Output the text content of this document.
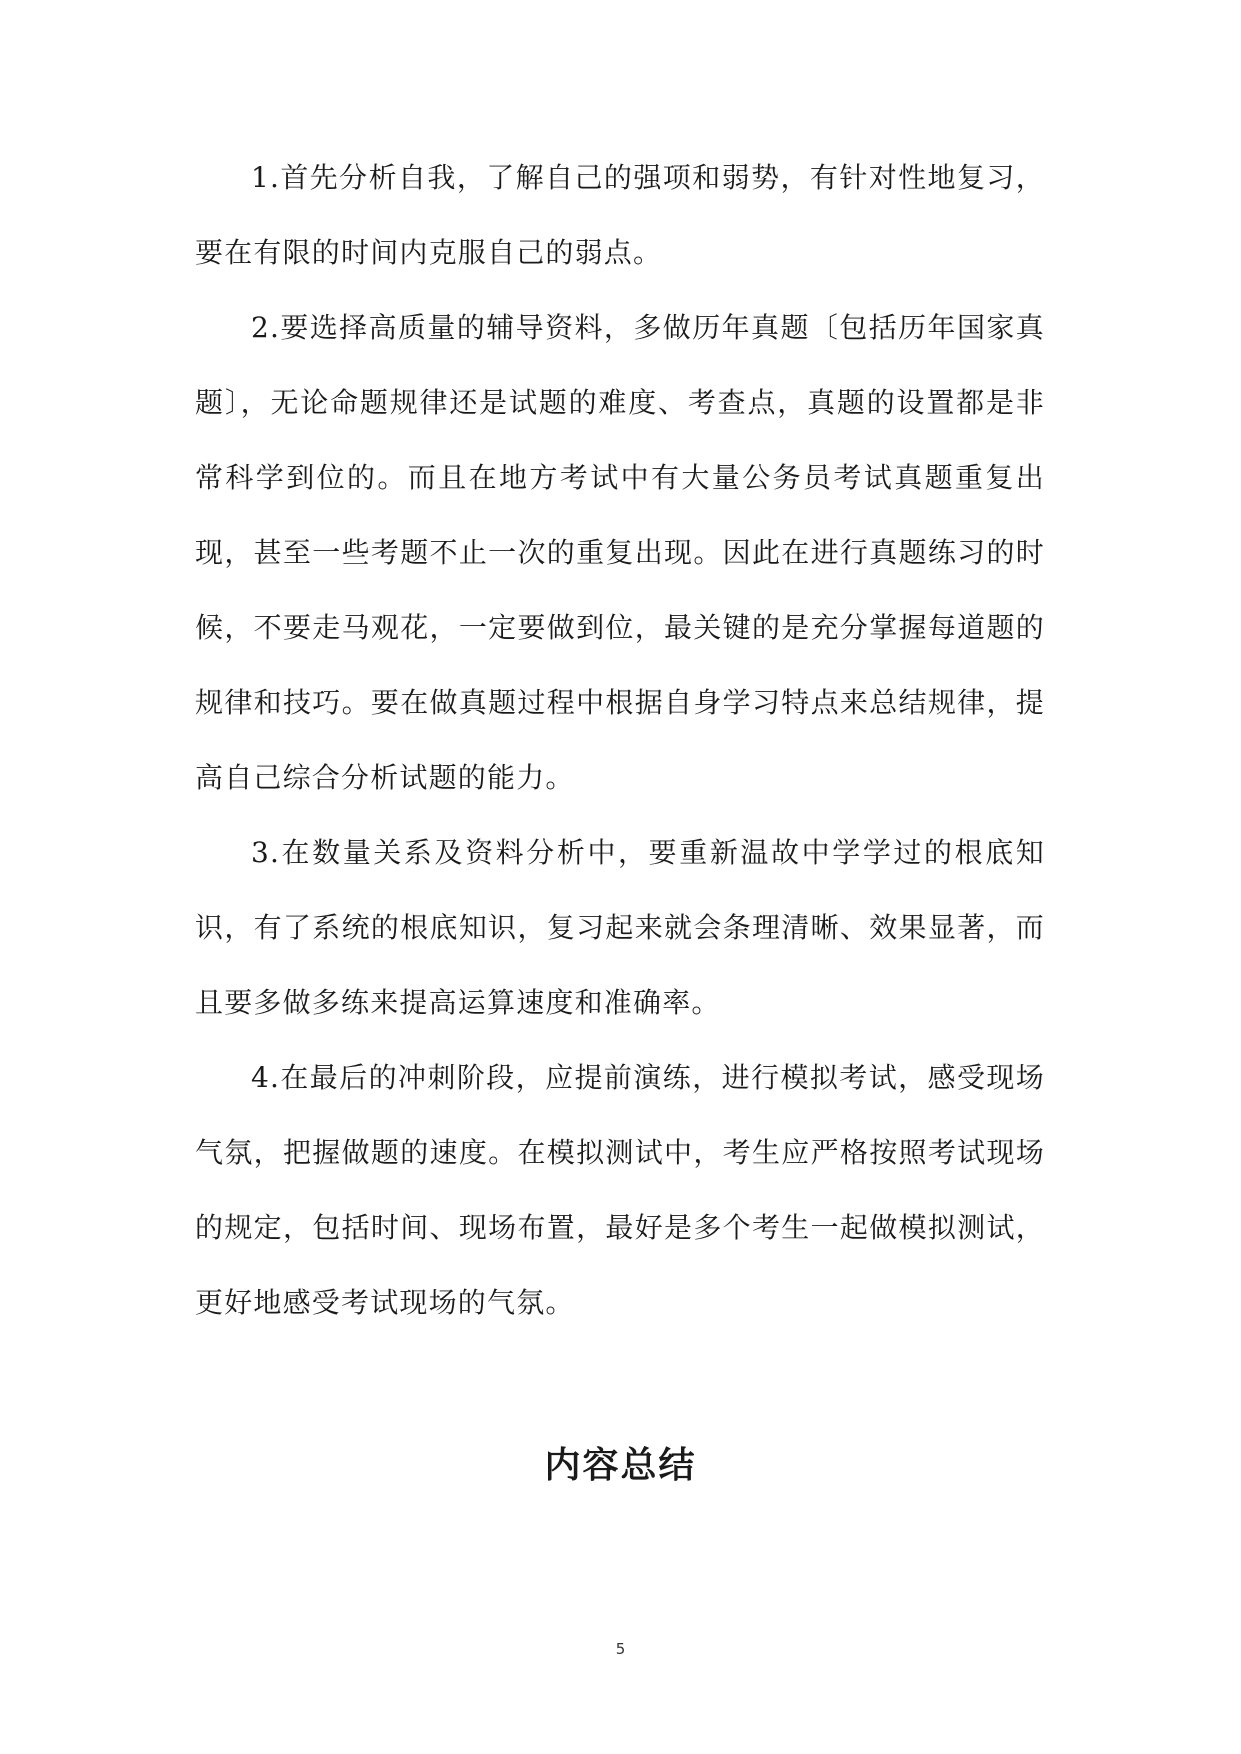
1.首先分析自我，了解自己的强项和弱势，有针对性地复习，要在有限的时间内克服自己的弱点。

2.要选择高质量的辅导资料，多做历年真题〔包括历年国家真题〕，无论命题规律还是试题的难度、考查点，真题的设置都是非常科学到位的。而且在地方考试中有大量公务员考试真题重复出现，甚至一些考题不止一次的重复出现。因此在进行真题练习的时候，不要走马观花，一定要做到位，最关键的是充分掌握每道题的规律和技巧。要在做真题过程中根据自身学习特点来总结规律，提高自己综合分析试题的能力。

3.在数量关系及资料分析中，要重新温故中学学过的根底知识，有了系统的根底知识，复习起来就会条理清晰、效果显著，而且要多做多练来提高运算速度和准确率。

4.在最后的冲刺阶段，应提前演练，进行模拟考试，感受现场气氛，把握做题的速度。在模拟测试中，考生应严格按照考试现场的规定，包括时间、现场布置，最好是多个考生一起做模拟测试，更好地感受考试现场的气氛。

内容总结
5
